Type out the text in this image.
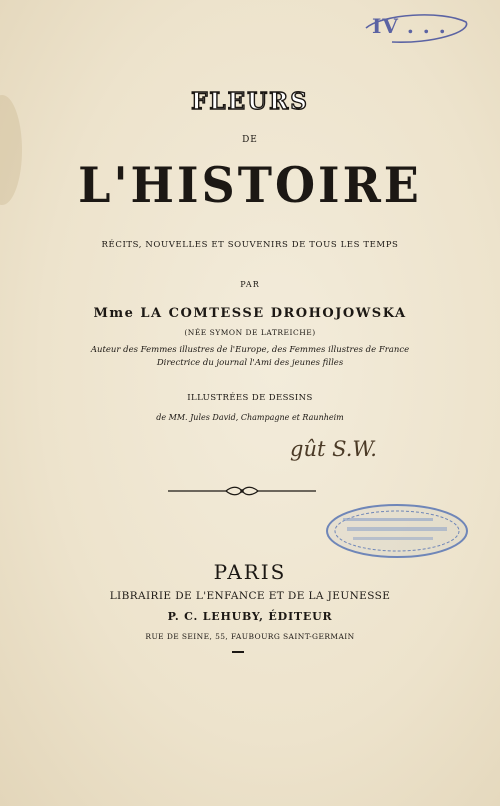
IV . . .
FLEURS
DE
L'HISTOIRE
RÉCITS, NOUVELLES ET SOUVENIRS DE TOUS LES TEMPS
PAR
Mme LA COMTESSE DROHOJOWSKA
(NÉE SYMON DE LATREICHE)
Auteur des Femmes illustres de l'Europe, des Femmes illustres de France
Directrice du journal l'Ami des jeunes filles
ILLUSTRÉES DE DESSINS
de MM. Jules David, Champagne et Raunheim
gût S.W.
PARIS
LIBRAIRIE DE L'ENFANCE ET DE LA JEUNESSE
P. C. LEHUBY, ÉDITEUR
RUE DE SEINE, 55, FAUBOURG SAINT-GERMAIN
